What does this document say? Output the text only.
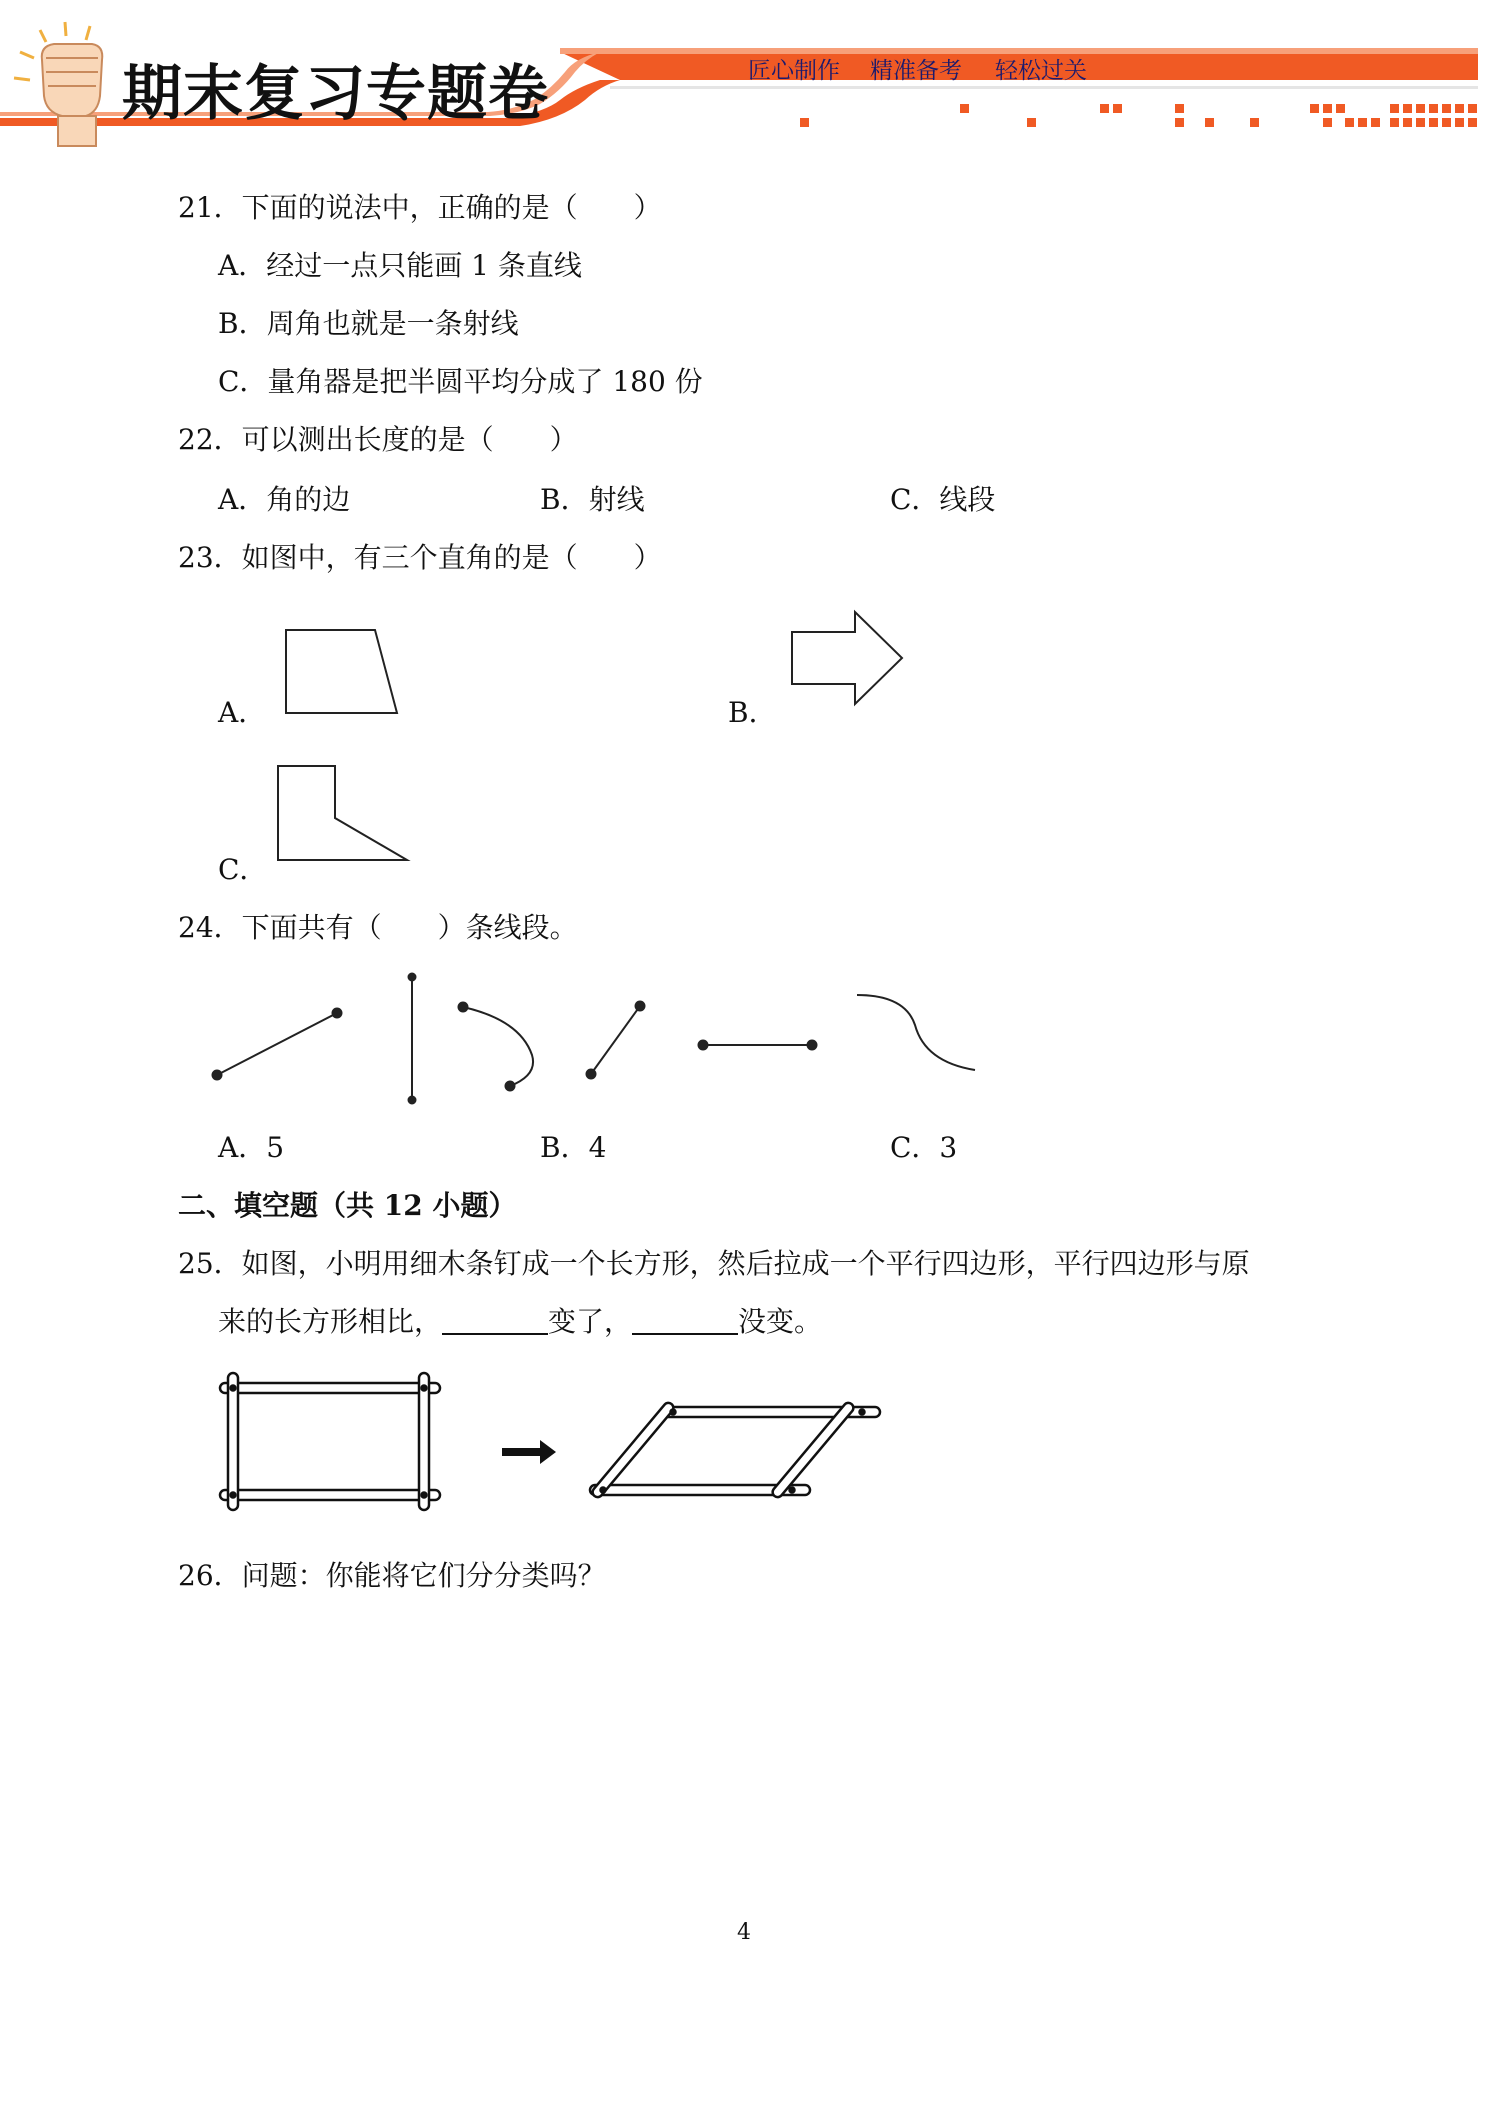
期末复习专题卷	匠心制作 精准备考 轻松过关
21．下面的说法中，正确的是（　　）
A．经过一点只能画 1 条直线
B．周角也就是一条射线
C．量角器是把半圆平均分成了 180 份
22．可以测出长度的是（　　）
A．角的边	B．射线	C．线段
23．如图中，有三个直角的是（　　）
A．	B．
C．
24．下面共有（　　）条线段。
A．5	B．4	C．3
二、填空题（共 12 小题）
25．如图，小明用细木条钉成一个长方形，然后拉成一个平行四边形，平行四边形与原
来的长方形相比，	变了，	没变。
26．问题：你能将它们分分类吗？
4
